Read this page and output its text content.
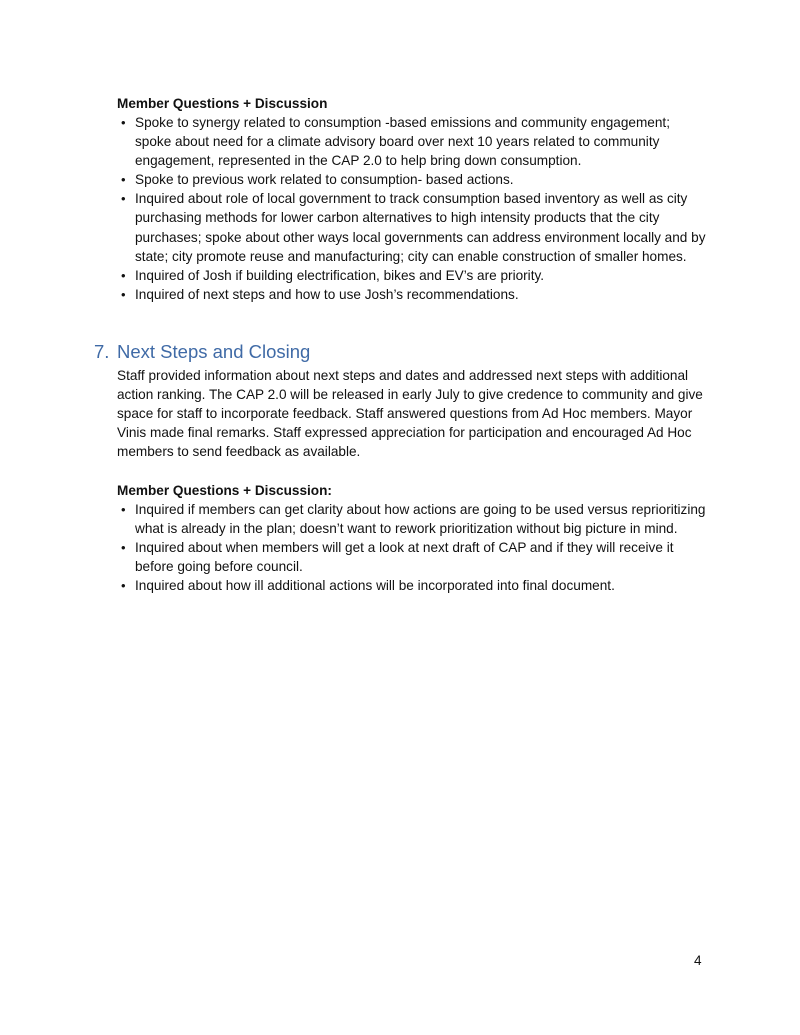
Member Questions + Discussion

• Spoke to synergy related to consumption -based emissions and community engagement; spoke about need for a climate advisory board over next 10 years related to community engagement, represented in the CAP 2.0 to help bring down consumption.
• Spoke to previous work related to consumption- based actions.
• Inquired about role of local government to track consumption based inventory as well as city purchasing methods for lower carbon alternatives to high intensity products that the city purchases; spoke about other ways local governments can address environment locally and by state; city promote reuse and manufacturing; city can enable construction of smaller homes.
• Inquired of Josh if building electrification, bikes and EV’s are priority.
• Inquired of next steps and how to use Josh’s recommendations.
7. Next Steps and Closing

Staff provided information about next steps and dates and addressed next steps with additional action ranking. The CAP 2.0 will be released in early July to give credence to community and give space for staff to incorporate feedback. Staff answered questions from Ad Hoc members. Mayor Vinis made final remarks. Staff expressed appreciation for participation and encouraged Ad Hoc members to send feedback as available.

Member Questions + Discussion:

• Inquired if members can get clarity about how actions are going to be used versus reprioritizing what is already in the plan; doesn’t want to rework prioritization without big picture in mind.
• Inquired about when members will get a look at next draft of CAP and if they will receive it before going before council.
• Inquired about how ill additional actions will be incorporated into final document.
4
